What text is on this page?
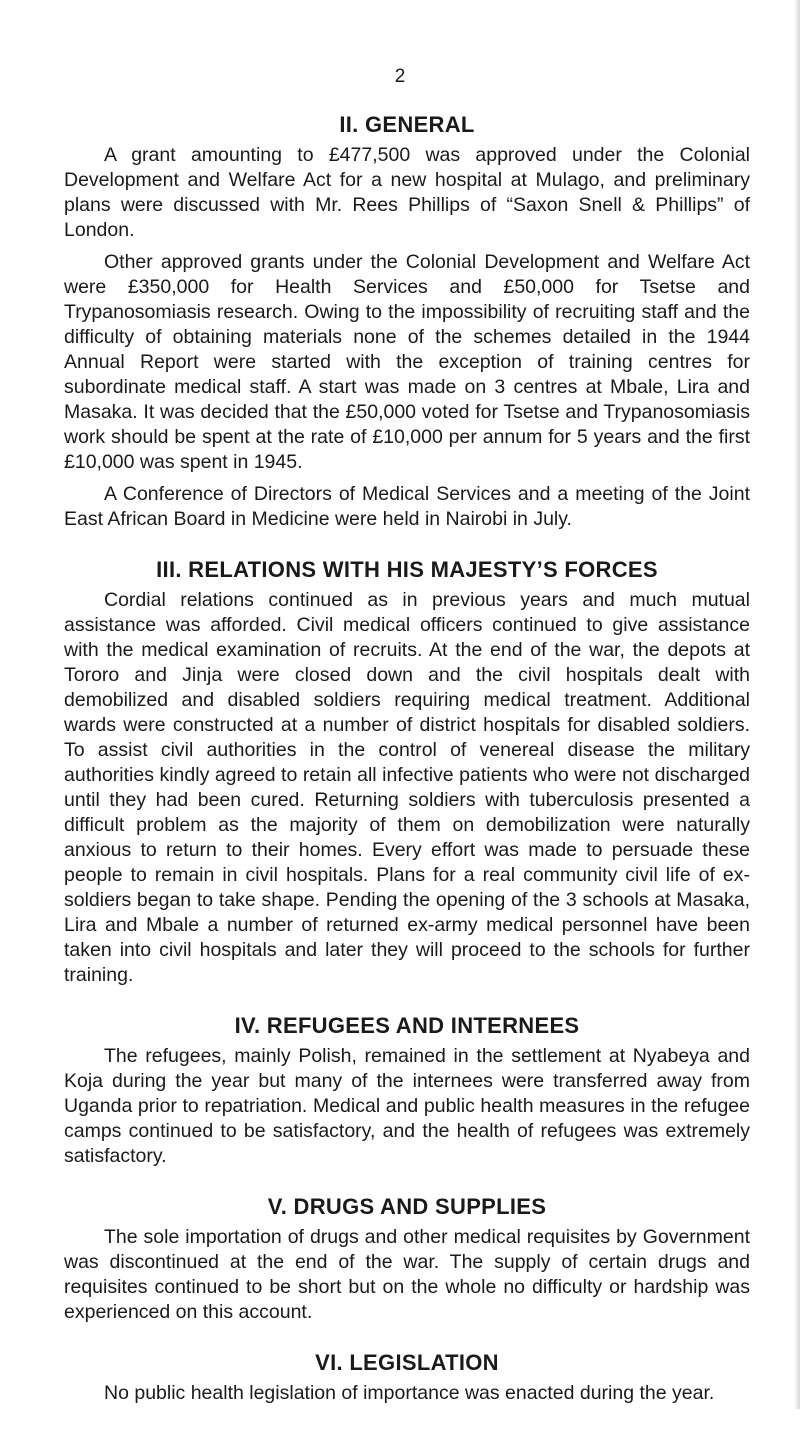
2
II. GENERAL

A grant amounting to £477,500 was approved under the Colonial Development and Welfare Act for a new hospital at Mulago, and preliminary plans were discussed with Mr. Rees Phillips of “Saxon Snell & Phillips” of London.

Other approved grants under the Colonial Development and Welfare Act were £350,000 for Health Services and £50,000 for Tsetse and Trypanosomiasis research. Owing to the impossibility of recruiting staff and the difficulty of obtaining materials none of the schemes detailed in the 1944 Annual Report were started with the exception of training centres for subordinate medical staff. A start was made on 3 centres at Mbale, Lira and Masaka. It was decided that the £50,000 voted for Tsetse and Trypanosomiasis work should be spent at the rate of £10,000 per annum for 5 years and the first £10,000 was spent in 1945.

A Conference of Directors of Medical Services and a meeting of the Joint East African Board in Medicine were held in Nairobi in July.

III. RELATIONS WITH HIS MAJESTY’S FORCES

Cordial relations continued as in previous years and much mutual assistance was afforded. Civil medical officers continued to give assistance with the medical examination of recruits. At the end of the war, the depots at Tororo and Jinja were closed down and the civil hospitals dealt with demobilized and disabled soldiers requiring medical treatment. Additional wards were constructed at a number of district hospitals for disabled soldiers. To assist civil authorities in the control of venereal disease the military authorities kindly agreed to retain all infective patients who were not discharged until they had been cured. Returning soldiers with tuberculosis presented a difficult problem as the majority of them on demobilization were naturally anxious to return to their homes. Every effort was made to persuade these people to remain in civil hospitals. Plans for a real community civil life of ex-soldiers began to take shape. Pending the opening of the 3 schools at Masaka, Lira and Mbale a number of returned ex-army medical personnel have been taken into civil hospitals and later they will proceed to the schools for further training.

IV. REFUGEES AND INTERNEES

The refugees, mainly Polish, remained in the settlement at Nyabeya and Koja during the year but many of the internees were transferred away from Uganda prior to repatriation. Medical and public health measures in the refugee camps continued to be satisfactory, and the health of refugees was extremely satisfactory.

V. DRUGS AND SUPPLIES

The sole importation of drugs and other medical requisites by Government was discontinued at the end of the war. The supply of certain drugs and requisites continued to be short but on the whole no difficulty or hardship was experienced on this account.

VI. LEGISLATION

No public health legislation of importance was enacted during the year.
